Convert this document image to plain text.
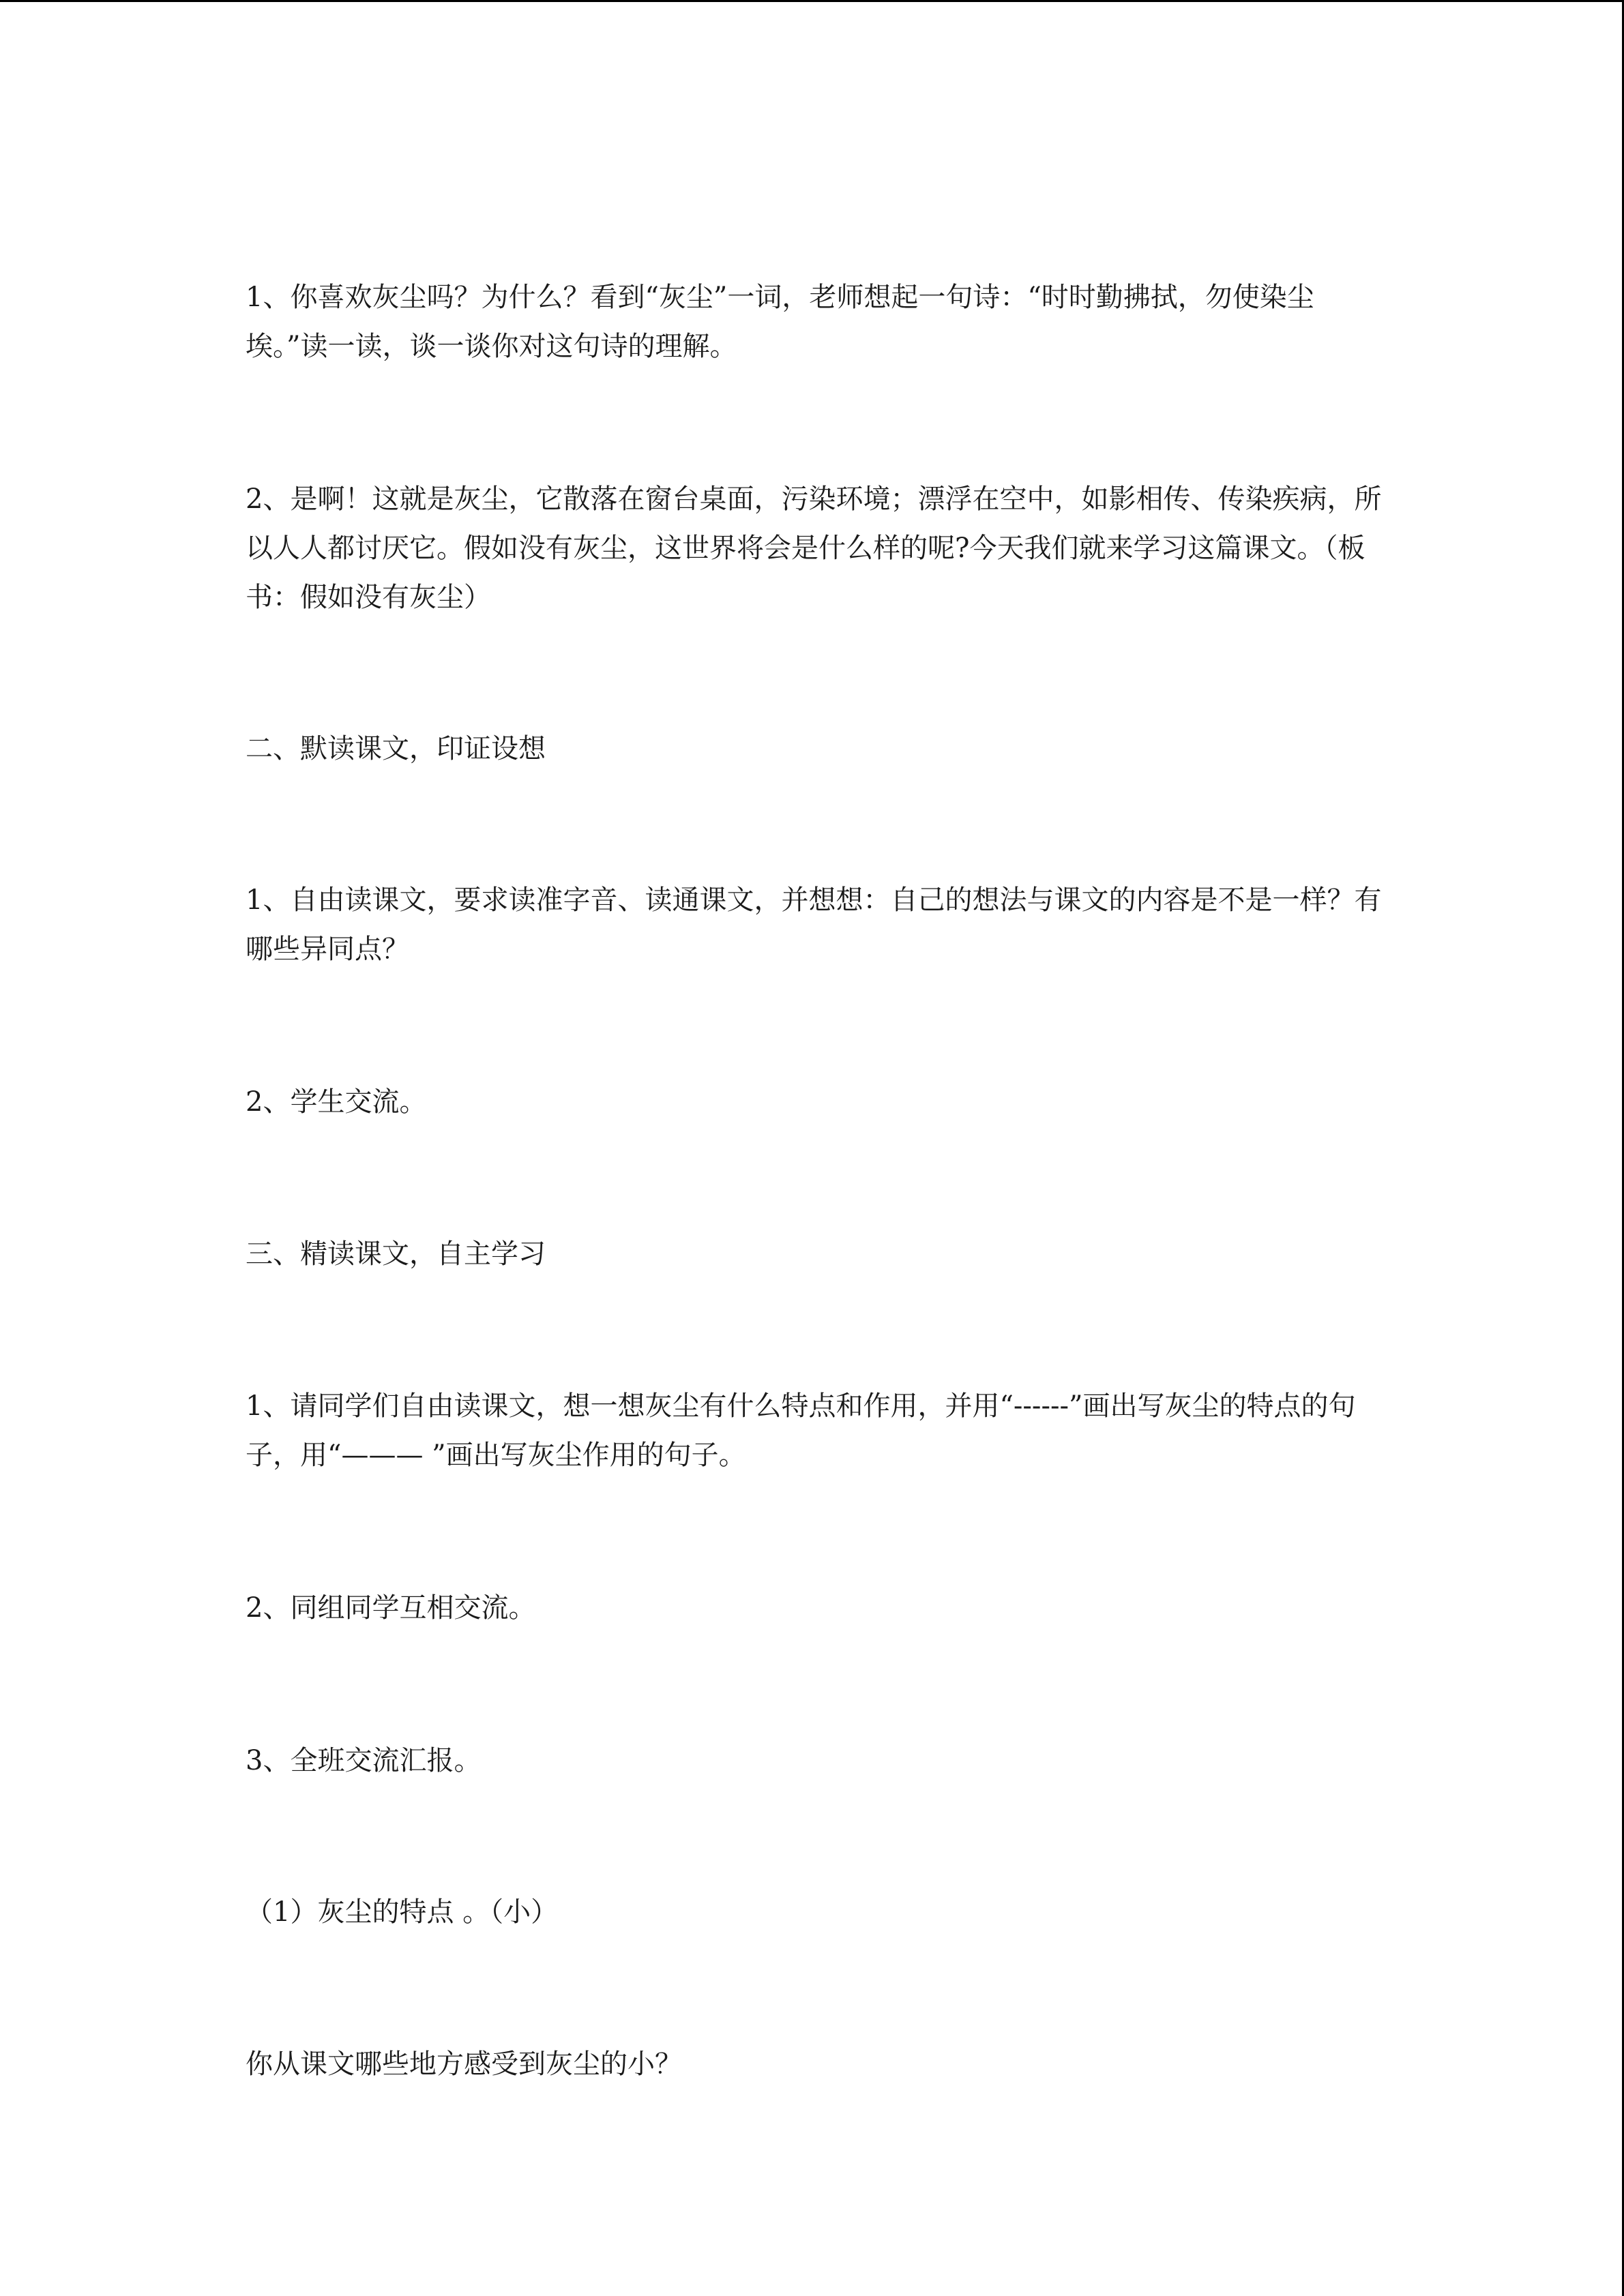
1、你喜欢灰尘吗？为什么？看到“灰尘”一词，老师想起一句诗：“时时勤拂拭，勿使染尘埃。”读一读，谈一谈你对这句诗的理解。

2、是啊！这就是灰尘，它散落在窗台桌面，污染环境；漂浮在空中，如影相传、传染疾病，所以人人都讨厌它。假如没有灰尘，这世界将会是什么样的呢?今天我们就来学习这篇课文。（板书：假如没有灰尘）

二、默读课文，印证设想

1、自由读课文，要求读准字音、读通课文，并想想：自己的想法与课文的内容是不是一样？有哪些异同点？

2、学生交流。

三、精读课文，自主学习

1、请同学们自由读课文，想一想灰尘有什么特点和作用，并用“------”画出写灰尘的特点的句子，用“——— ”画出写灰尘作用的句子。

2、同组同学互相交流。

3、全班交流汇报。

（1）灰尘的特点 。（小）

你从课文哪些地方感受到灰尘的小？
